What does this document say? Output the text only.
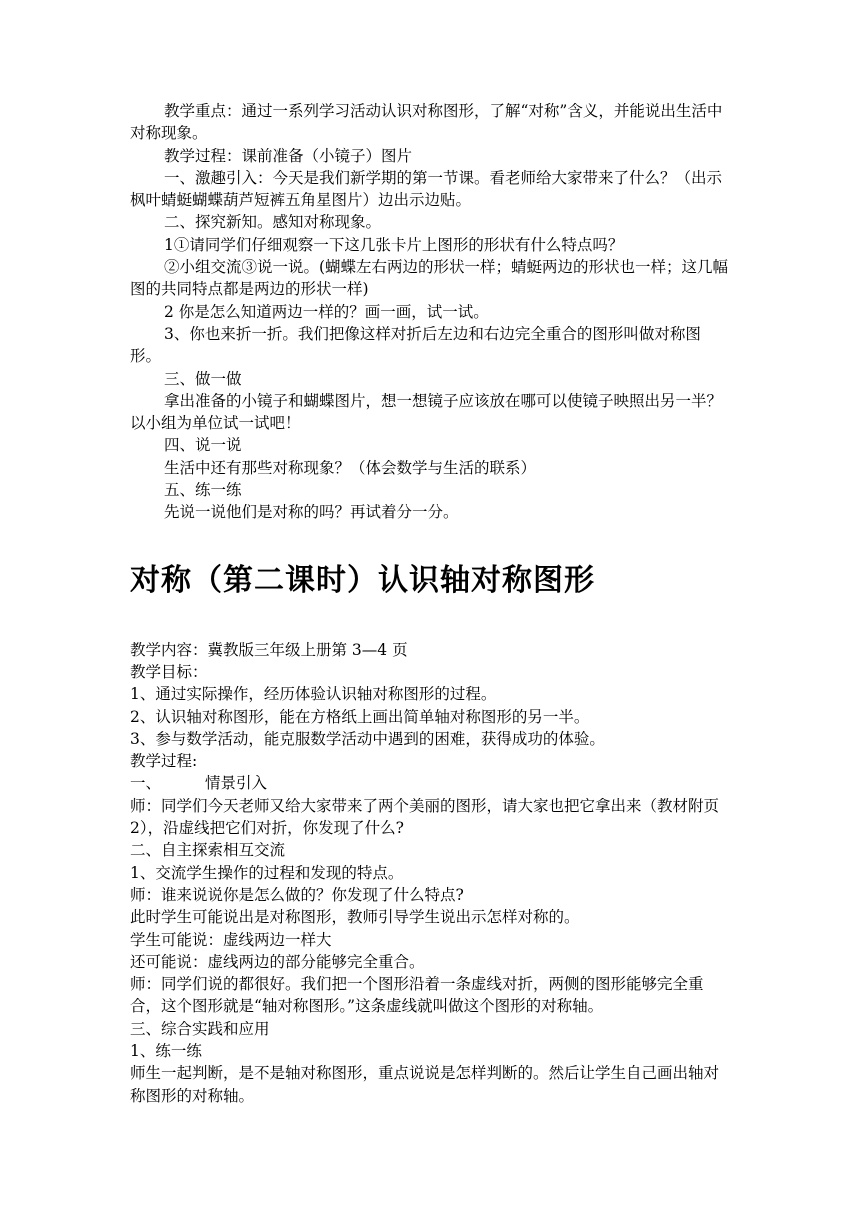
教学重点：通过一系列学习活动认识对称图形，了解“对称”含义，并能说出生活中对称现象。

教学过程：课前准备（小镜子）图片

一、激趣引入：今天是我们新学期的第一节课。看老师给大家带来了什么？（出示枫叶蜻蜓蝴蝶葫芦短裤五角星图片）边出示边贴。

二、探究新知。感知对称现象。

1①请同学们仔细观察一下这几张卡片上图形的形状有什么特点吗？

②小组交流③说一说。(蝴蝶左右两边的形状一样；蜻蜓两边的形状也一样；这几幅图的共同特点都是两边的形状一样)

2 你是怎么知道两边一样的？画一画，试一试。

3、你也来折一折。我们把像这样对折后左边和右边完全重合的图形叫做对称图形。

三、做一做

拿出准备的小镜子和蝴蝶图片，想一想镜子应该放在哪可以使镜子映照出另一半？以小组为单位试一试吧！

四、说一说

生活中还有那些对称现象？（体会数学与生活的联系）

五、练一练

先说一说他们是对称的吗？再试着分一分。

对称（第二课时）认识轴对称图形

教学内容：冀教版三年级上册第 3—4 页

教学目标：

1、通过实际操作，经历体验认识轴对称图形的过程。

2、认识轴对称图形，能在方格纸上画出简单轴对称图形的另一半。

3、参与数学活动，能克服数学活动中遇到的困难，获得成功的体验。

教学过程:

一、	情景引入

师：同学们今天老师又给大家带来了两个美丽的图形，请大家也把它拿出来（教材附页 2），沿虚线把它们对折，你发现了什么?

二、自主探索相互交流

1、交流学生操作的过程和发现的特点。

师：谁来说说你是怎么做的？你发现了什么特点?

此时学生可能说出是对称图形，教师引导学生说出示怎样对称的。

学生可能说：虚线两边一样大

还可能说：虚线两边的部分能够完全重合。

师：同学们说的都很好。我们把一个图形沿着一条虚线对折，两侧的图形能够完全重合，这个图形就是“轴对称图形。”这条虚线就叫做这个图形的对称轴。

三、综合实践和应用

1、练一练

师生一起判断，是不是轴对称图形，重点说说是怎样判断的。然后让学生自己画出轴对称图形的对称轴。
